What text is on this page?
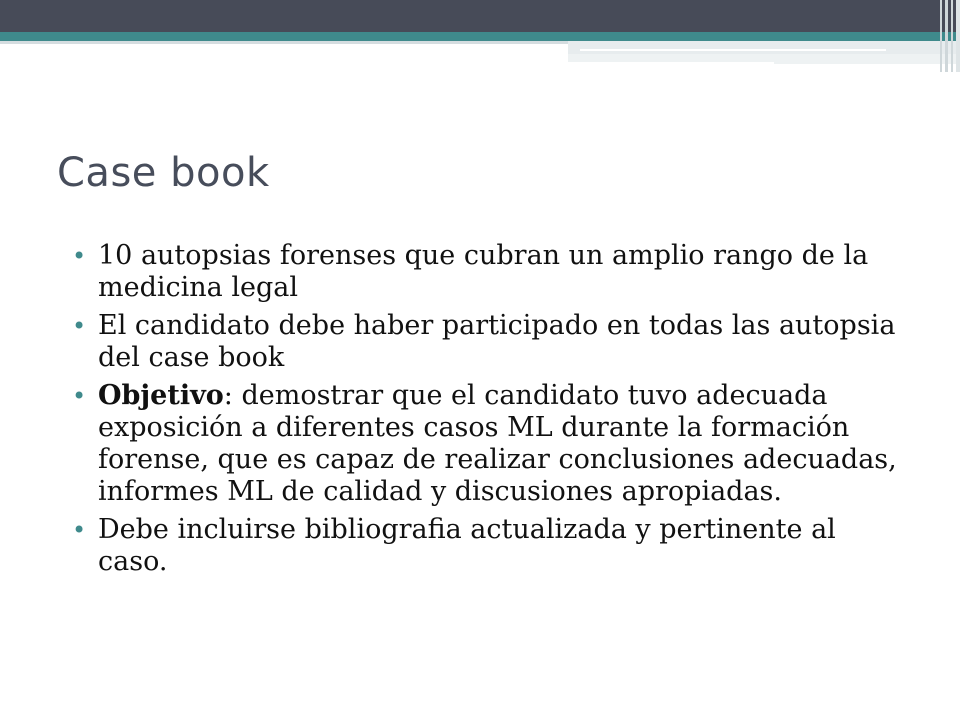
Case book
• 10 autopsias forenses que cubran un amplio rango de la medicina legal
• El candidato debe haber participado en todas las autopsia del case book
• Objetivo: demostrar que el candidato tuvo adecuada exposición a diferentes casos ML durante la formación forense, que es capaz de realizar conclusiones adecuadas, informes ML de calidad y discusiones apropiadas.
• Debe incluirse bibliografia actualizada y pertinente al caso.
